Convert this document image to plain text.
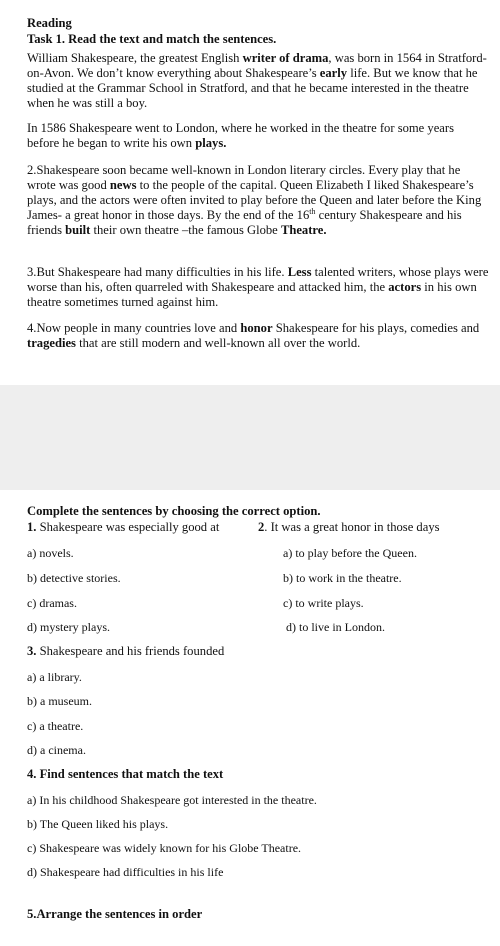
Reading
Task 1. Read the text and match the sentences.
William Shakespeare, the greatest English writer of drama, was born in 1564 in Stratford-on-Avon. We don’t know everything about Shakespeare’s early life. But we know that he studied at the Grammar School in Stratford, and that he became interested in the theatre when he was still a boy.
In 1586 Shakespeare went to London, where he worked in the theatre for some years before he began to write his own plays.
2.Shakespeare soon became well-known in London literary circles. Every play that he wrote was good news to the people of the capital. Queen Elizabeth I liked Shakespeare’s plays, and the actors were often invited to play before the Queen and later before the King James- a great honor in those days. By the end of the 16th century Shakespeare and his friends built their own theatre –the famous Globe Theatre.
3.But Shakespeare had many difficulties in his life. Less talented writers, whose plays were worse than his, often quarreled with Shakespeare and attacked him, the actors in his own theatre sometimes turned against him.
4.Now people in many countries love and honor Shakespeare for his plays, comedies and tragedies that are still modern and well-known all over the world.
Complete the sentences by choosing the correct option.
1. Shakespeare was especially good at	2. It was a great honor in those days
a) novels.
b) detective stories.
c) dramas.
d) mystery plays.
a) to play before the Queen.
b) to work in the theatre.
c) to write plays.
d) to live in London.
3. Shakespeare and his friends founded
a) a library.
b) a museum.
c) a theatre.
d) a cinema.
4. Find sentences that match the text
a) In his childhood Shakespeare got interested in the theatre.
b) The Queen liked his plays.
c) Shakespeare was widely known for his Globe Theatre.
d) Shakespeare had difficulties in his life
5.Arrange the sentences in order
